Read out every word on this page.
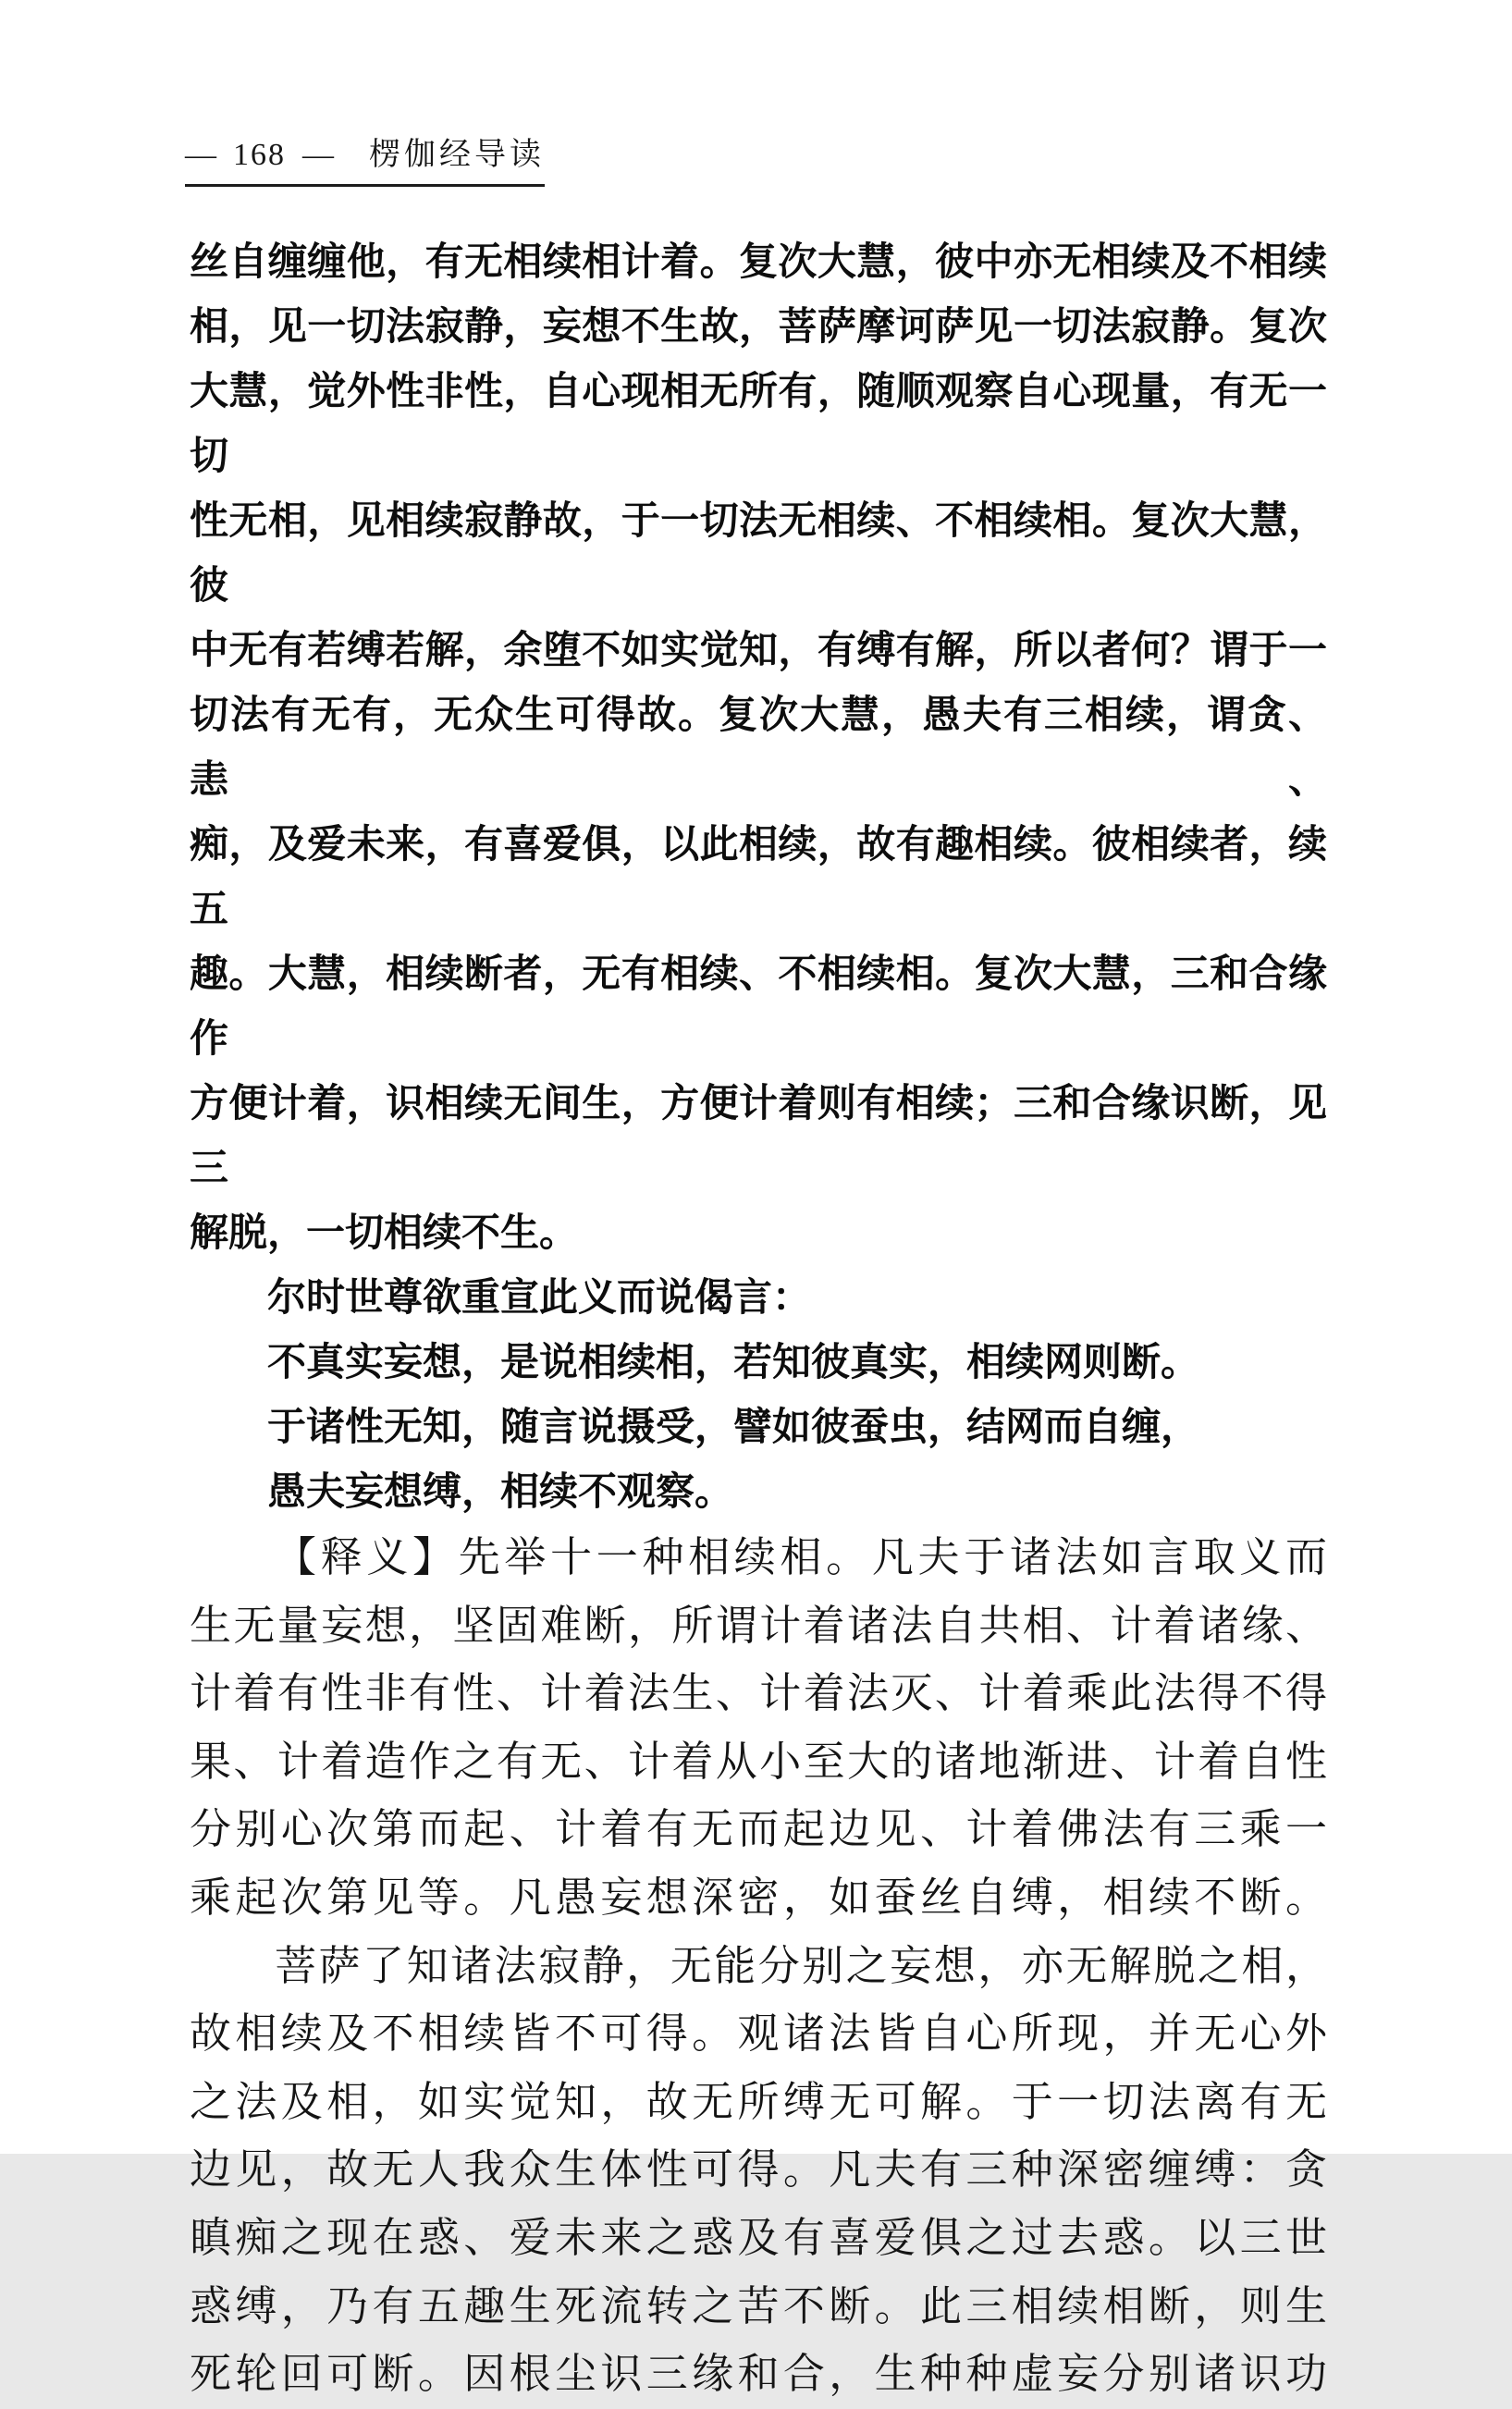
— 168 — 楞伽经导读
丝自缠缠他，有无相续相计着。复次大慧，彼中亦无相续及不相续
相，见一切法寂静，妄想不生故，菩萨摩诃萨见一切法寂静。复次
大慧，觉外性非性，自心现相无所有，随顺观察自心现量，有无一切
性无相，见相续寂静故，于一切法无相续、不相续相。复次大慧，彼
中无有若缚若解，余堕不如实觉知，有缚有解，所以者何？谓于一
切法有无有，无众生可得故。复次大慧，愚夫有三相续，谓贪、恚、
痴，及爱未来，有喜爱俱，以此相续，故有趣相续。彼相续者，续五
趣。大慧，相续断者，无有相续、不相续相。复次大慧，三和合缘作
方便计着，识相续无间生，方便计着则有相续；三和合缘识断，见三
解脱，一切相续不生。
尔时世尊欲重宣此义而说偈言：
不真实妄想，是说相续相，若知彼真实，相续网则断。
于诸性无知，随言说摄受，譬如彼蚕虫，结网而自缠，
愚夫妄想缚，相续不观察。
【释义】先举十一种相续相。凡夫于诸法如言取义而
生无量妄想，坚固难断，所谓计着诸法自共相、计着诸缘、
计着有性非有性、计着法生、计着法灭、计着乘此法得不得
果、计着造作之有无、计着从小至大的诸地渐进、计着自性
分别心次第而起、计着有无而起边见、计着佛法有三乘一
乘起次第见等。凡愚妄想深密，如蚕丝自缚，相续不断。
菩萨了知诸法寂静，无能分别之妄想，亦无解脱之相，
故相续及不相续皆不可得。观诸法皆自心所现，并无心外
之法及相，如实觉知，故无所缚无可解。于一切法离有无
边见，故无人我众生体性可得。凡夫有三种深密缠缚：贪
瞋痴之现在惑、爱未来之惑及有喜爱俱之过去惑。以三世
惑缚，乃有五趣生死流转之苦不断。此三相续相断，则生
死轮回可断。因根尘识三缘和合，生种种虚妄分别诸识功
